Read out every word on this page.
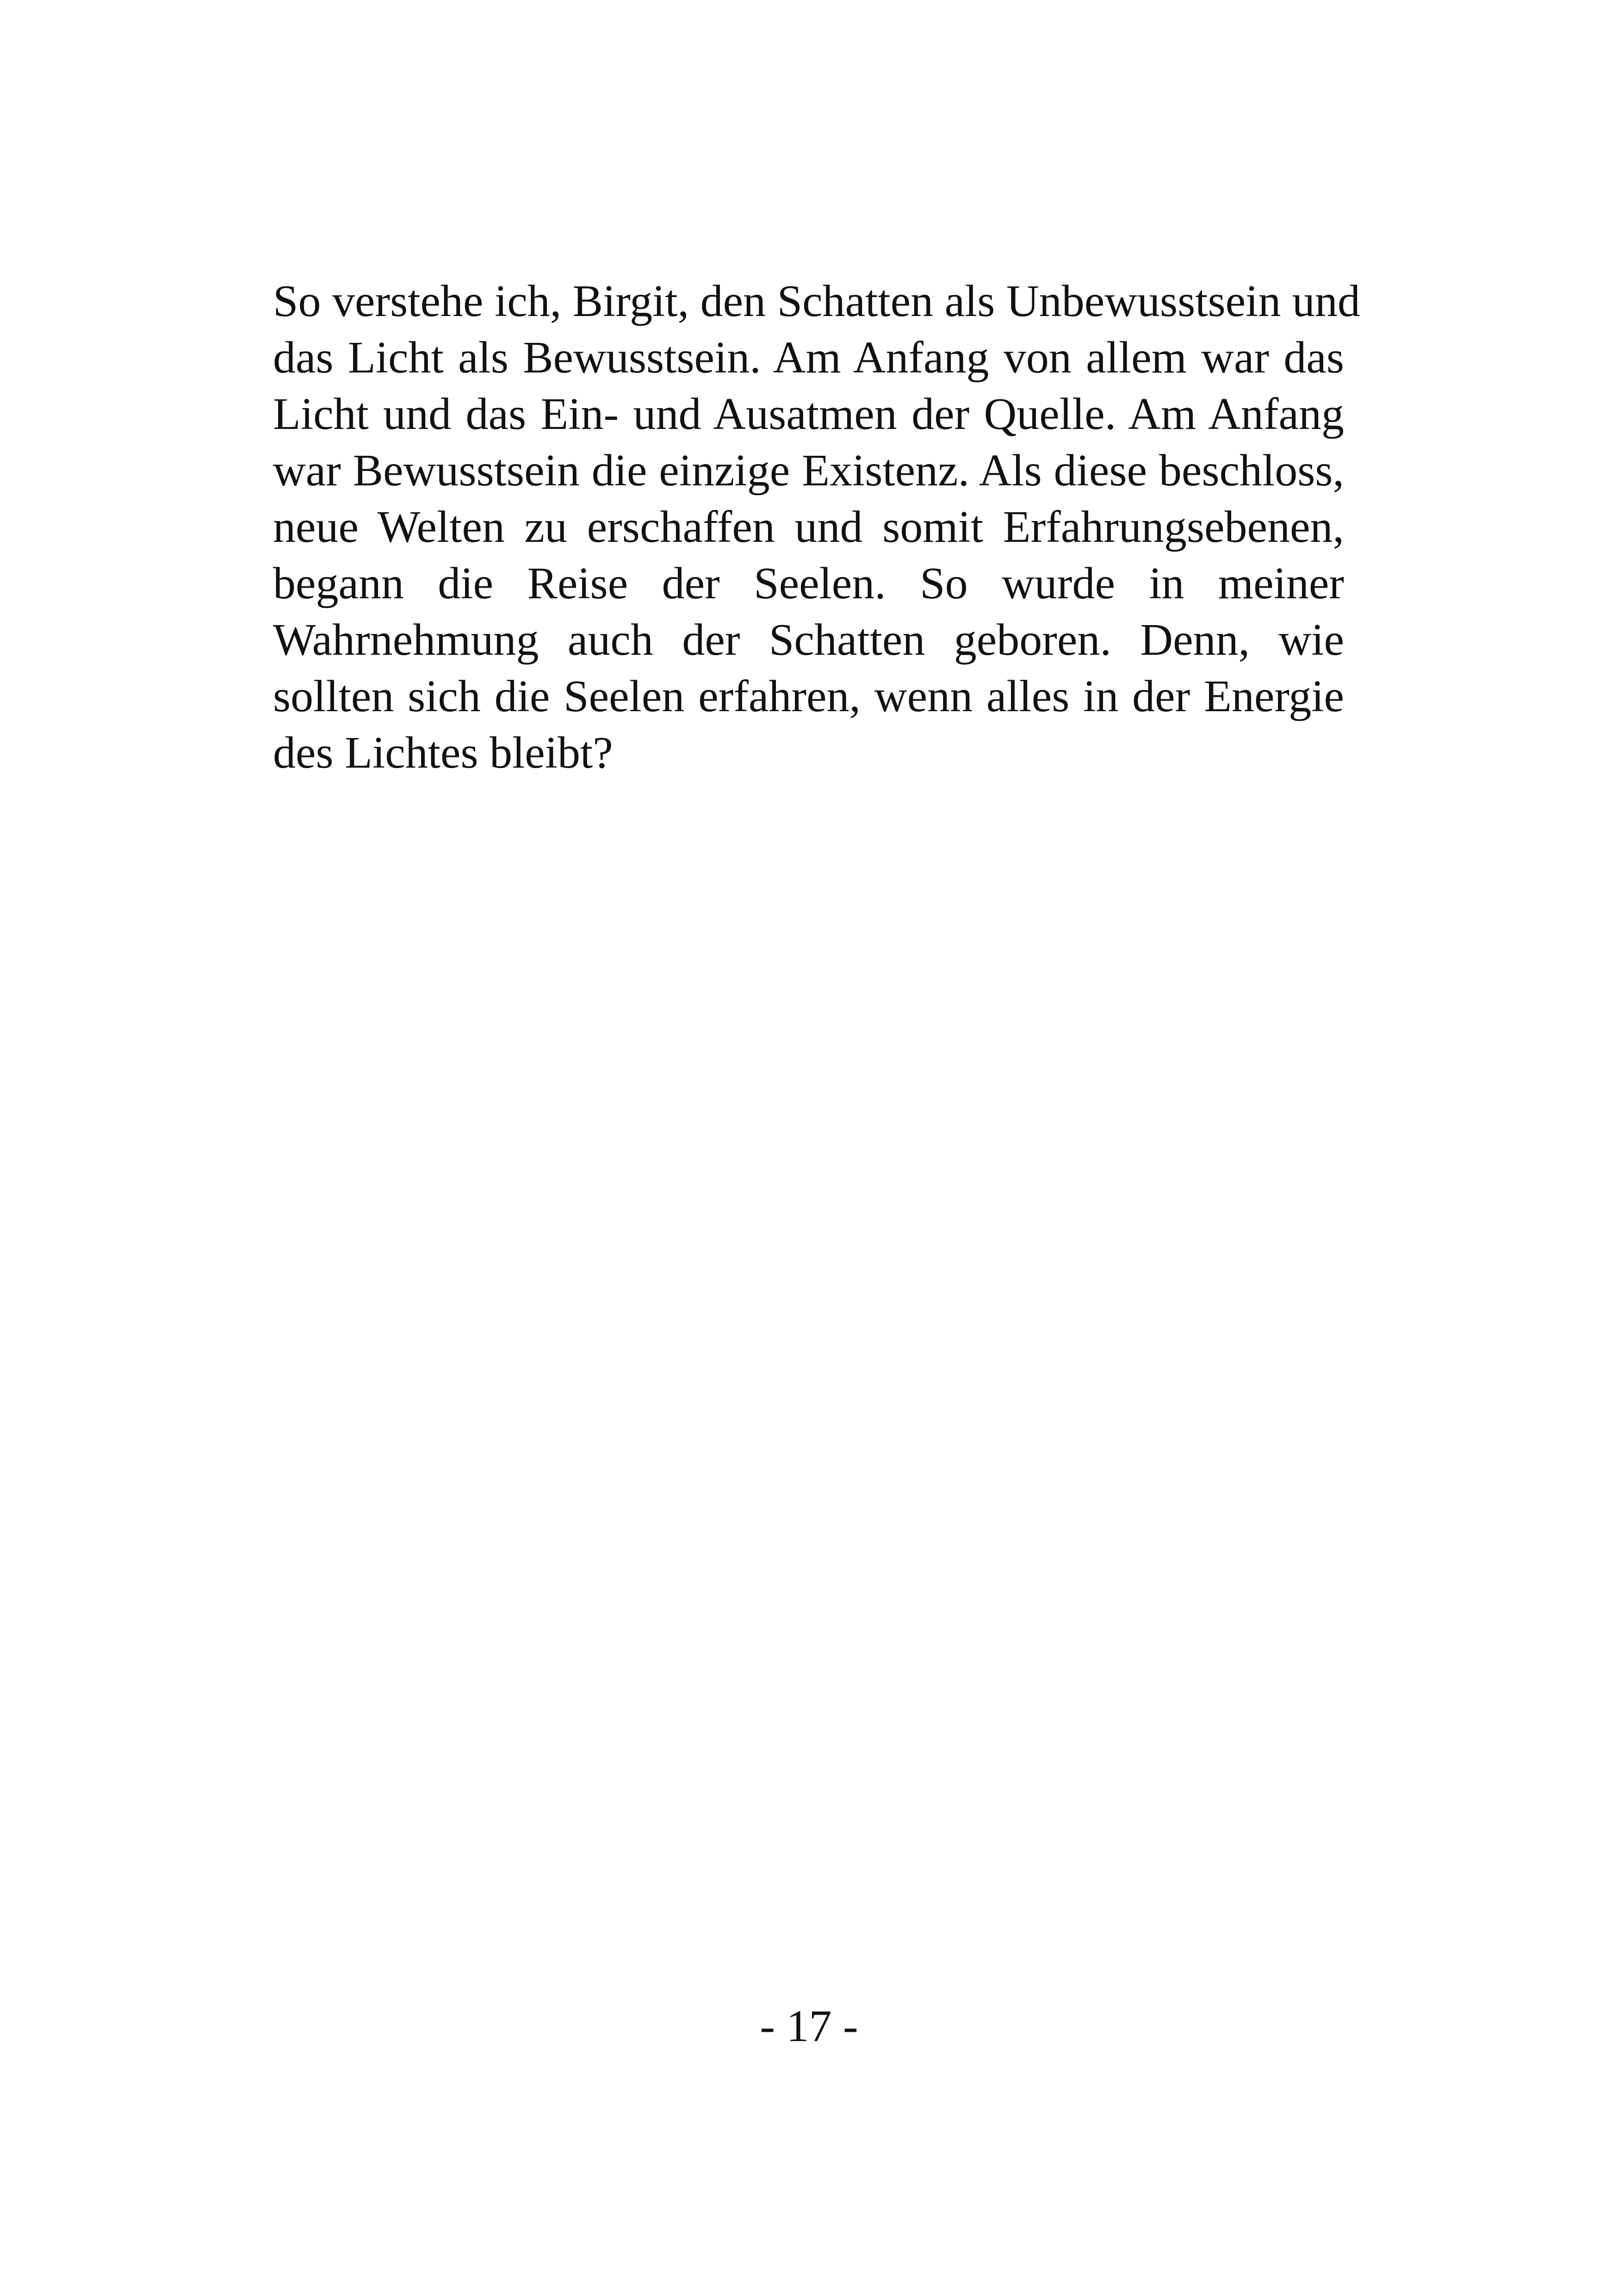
So verstehe ich, Birgit, den Schatten als Unbewusstsein und
das Licht als Bewusstsein. Am Anfang von allem war das
Licht und das Ein- und Ausatmen der Quelle. Am Anfang
war Bewusstsein die einzige Existenz. Als diese beschloss,
neue Welten zu erschaffen und somit Erfahrungsebenen,
begann die Reise der Seelen. So wurde in meiner
Wahrnehmung auch der Schatten geboren. Denn, wie
sollten sich die Seelen erfahren, wenn alles in der Energie
des Lichtes bleibt?

- 17 -
